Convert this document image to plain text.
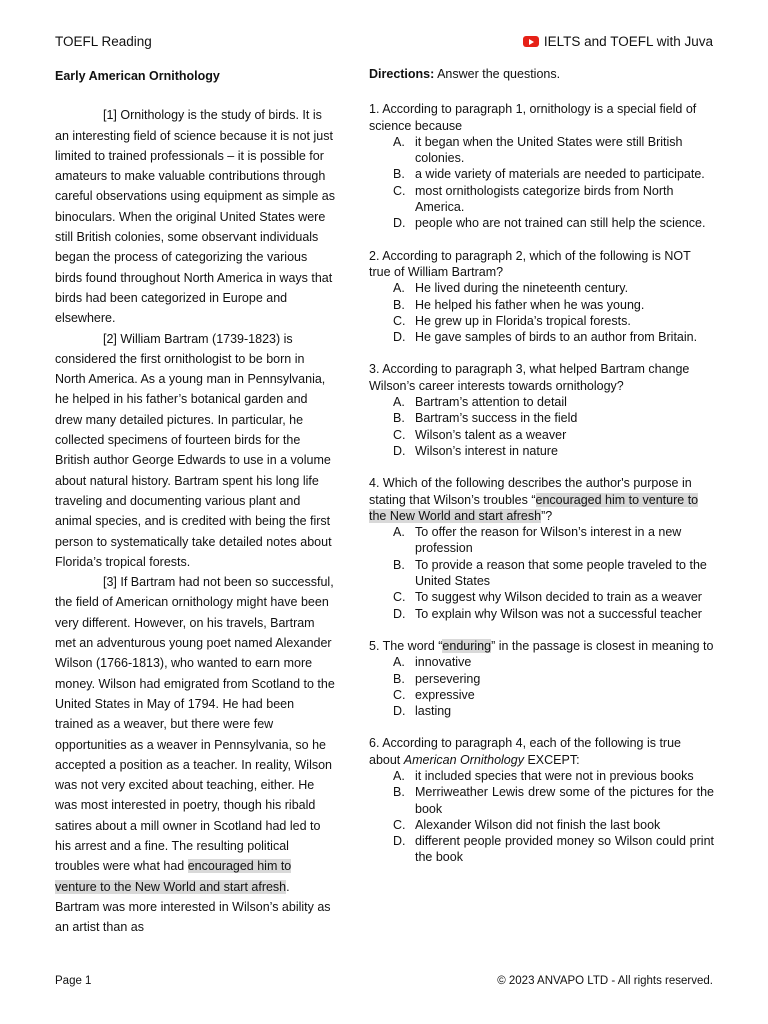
TOEFL Reading	IELTS and TOEFL with Juva
Early American Ornithology

[1] Ornithology is the study of birds. It is an interesting field of science because it is not just limited to trained professionals – it is possible for amateurs to make valuable contributions through careful observations using equipment as simple as binoculars. When the original United States were still British colonies, some observant individuals began the process of categorizing the various birds found throughout North America in ways that birds had been categorized in Europe and elsewhere.

[2] William Bartram (1739-1823) is considered the first ornithologist to be born in North America. As a young man in Pennsylvania, he helped in his father’s botanical garden and drew many detailed pictures. In particular, he collected specimens of fourteen birds for the British author George Edwards to use in a volume about natural history. Bartram spent his long life traveling and documenting various plant and animal species, and is credited with being the first person to systematically take detailed notes about Florida’s tropical forests.

[3] If Bartram had not been so successful, the field of American ornithology might have been very different. However, on his travels, Bartram met an adventurous young poet named Alexander Wilson (1766-1813), who wanted to earn more money. Wilson had emigrated from Scotland to the United States in May of 1794. He had been trained as a weaver, but there were few opportunities as a weaver in Pennsylvania, so he accepted a position as a teacher. In reality, Wilson was not very excited about teaching, either. He was most interested in poetry, though his ribald satires about a mill owner in Scotland had led to his arrest and a fine. The resulting political troubles were what had encouraged him to venture to the New World and start afresh. Bartram was more interested in Wilson’s ability as an artist than as

Directions: Answer the questions.
1. According to paragraph 1, ornithology is a special field of science because
A. it began when the United States were still British colonies.
B. a wide variety of materials are needed to participate.
C. most ornithologists categorize birds from North America.
D. people who are not trained can still help the science.
2. According to paragraph 2, which of the following is NOT true of William Bartram?
A. He lived during the nineteenth century.
B. He helped his father when he was young.
C. He grew up in Florida’s tropical forests.
D. He gave samples of birds to an author from Britain.
3. According to paragraph 3, what helped Bartram change Wilson’s career interests towards ornithology?
A. Bartram’s attention to detail
B. Bartram’s success in the field
C. Wilson’s talent as a weaver
D. Wilson’s interest in nature
4. Which of the following describes the author's purpose in stating that Wilson’s troubles “encouraged him to venture to the New World and start afresh”?
A. To offer the reason for Wilson’s interest in a new profession
B. To provide a reason that some people traveled to the United States
C. To suggest why Wilson decided to train as a weaver
D. To explain why Wilson was not a successful teacher
5. The word “enduring” in the passage is closest in meaning to
A. innovative
B. persevering
C. expressive
D. lasting
6. According to paragraph 4, each of the following is true about American Ornithology EXCEPT:
A. it included species that were not in previous books
B. Merriweather Lewis drew some of the pictures for the book
C. Alexander Wilson did not finish the last book
D. different people provided money so Wilson could print the book
Page 1	© 2023 ANVAPO LTD - All rights reserved.
